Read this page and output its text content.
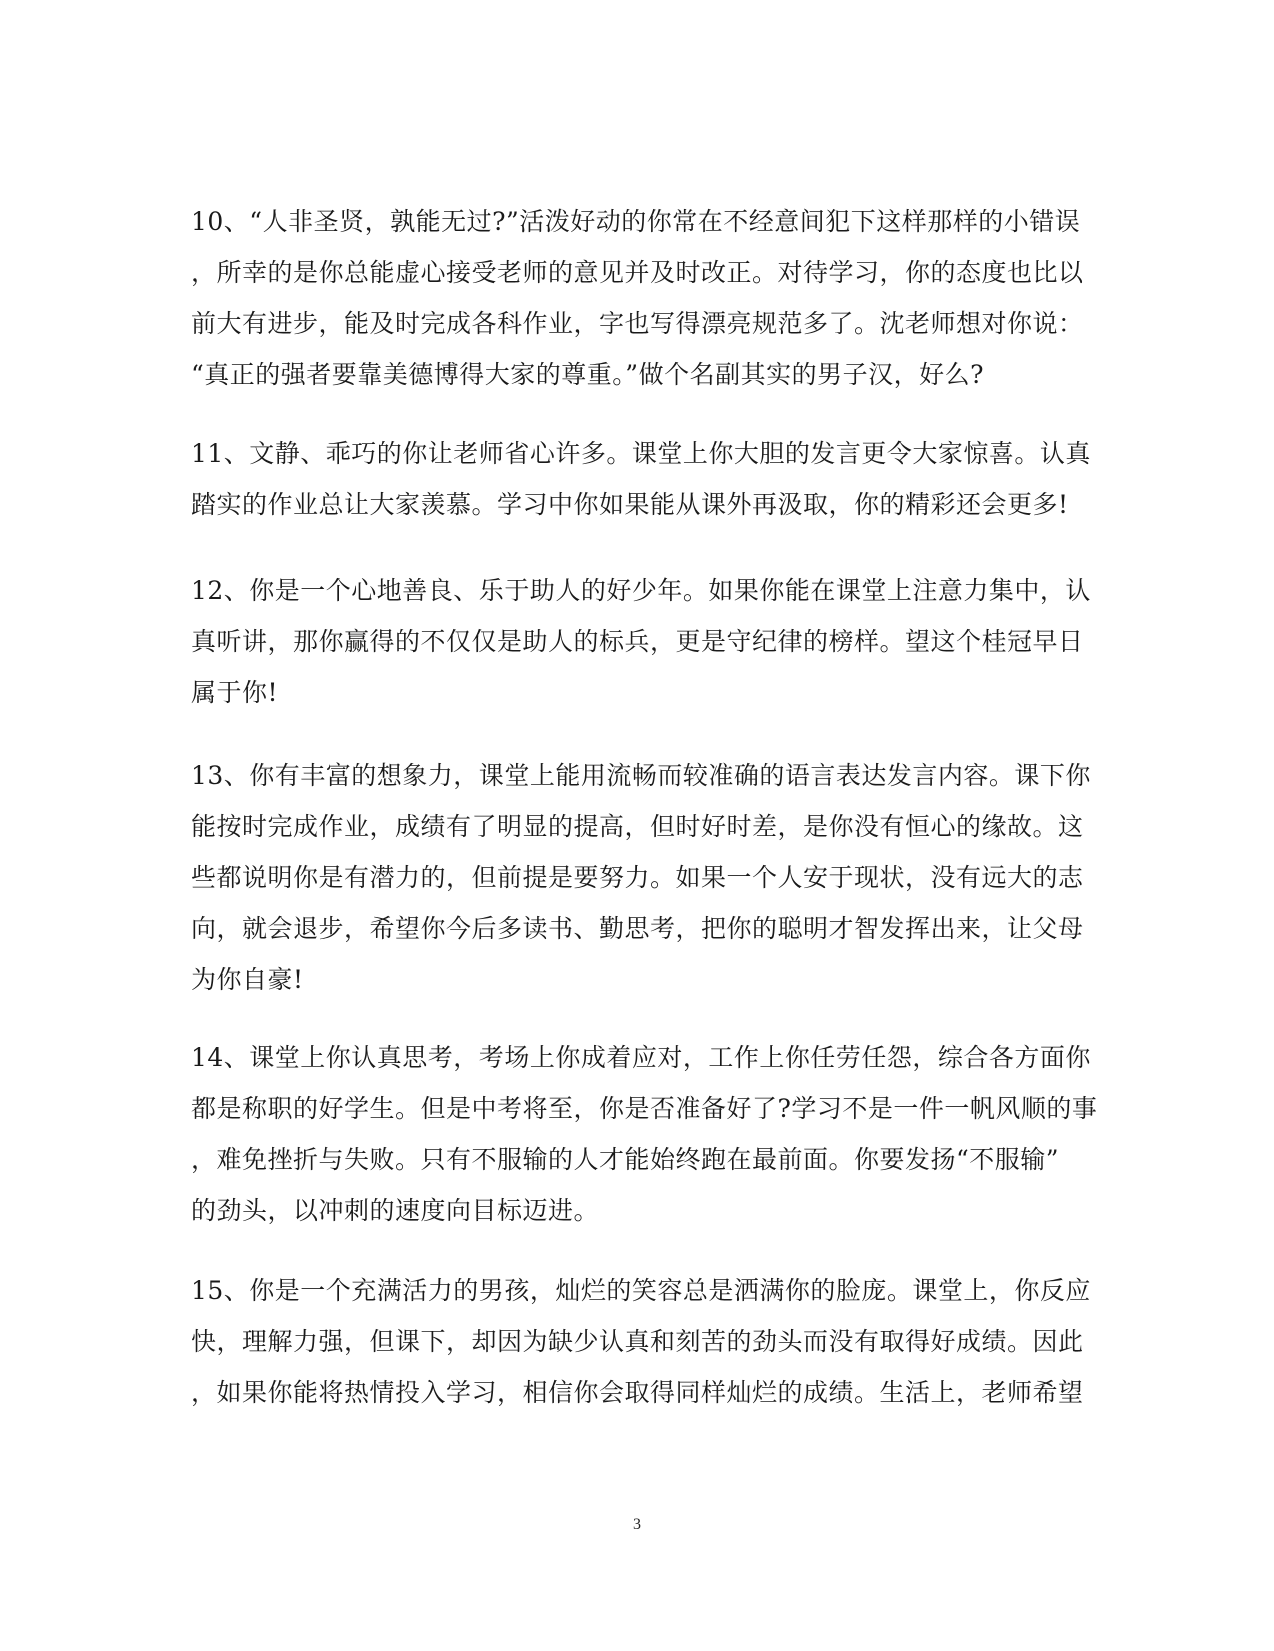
10、“人非圣贤，孰能无过?”活泼好动的你常在不经意间犯下这样那样的小错误
，所幸的是你总能虚心接受老师的意见并及时改正。对待学习，你的态度也比以
前大有进步，能及时完成各科作业，字也写得漂亮规范多了。沈老师想对你说：
“真正的强者要靠美德博得大家的尊重。”做个名副其实的男子汉，好么?
11、文静、乖巧的你让老师省心许多。课堂上你大胆的发言更令大家惊喜。认真
踏实的作业总让大家羡慕。学习中你如果能从课外再汲取，你的精彩还会更多!
12、你是一个心地善良、乐于助人的好少年。如果你能在课堂上注意力集中，认
真听讲，那你赢得的不仅仅是助人的标兵，更是守纪律的榜样。望这个桂冠早日
属于你!
13、你有丰富的想象力，课堂上能用流畅而较准确的语言表达发言内容。课下你
能按时完成作业，成绩有了明显的提高，但时好时差，是你没有恒心的缘故。这
些都说明你是有潜力的，但前提是要努力。如果一个人安于现状，没有远大的志
向，就会退步，希望你今后多读书、勤思考，把你的聪明才智发挥出来，让父母
为你自豪!
14、课堂上你认真思考，考场上你成着应对，工作上你任劳任怨，综合各方面你
都是称职的好学生。但是中考将至，你是否准备好了?学习不是一件一帆风顺的事
，难免挫折与失败。只有不服输的人才能始终跑在最前面。你要发扬“不服输”
的劲头，以冲刺的速度向目标迈进。
15、你是一个充满活力的男孩，灿烂的笑容总是洒满你的脸庞。课堂上，你反应
快，理解力强，但课下，却因为缺少认真和刻苦的劲头而没有取得好成绩。因此
，如果你能将热情投入学习，相信你会取得同样灿烂的成绩。生活上，老师希望
3
